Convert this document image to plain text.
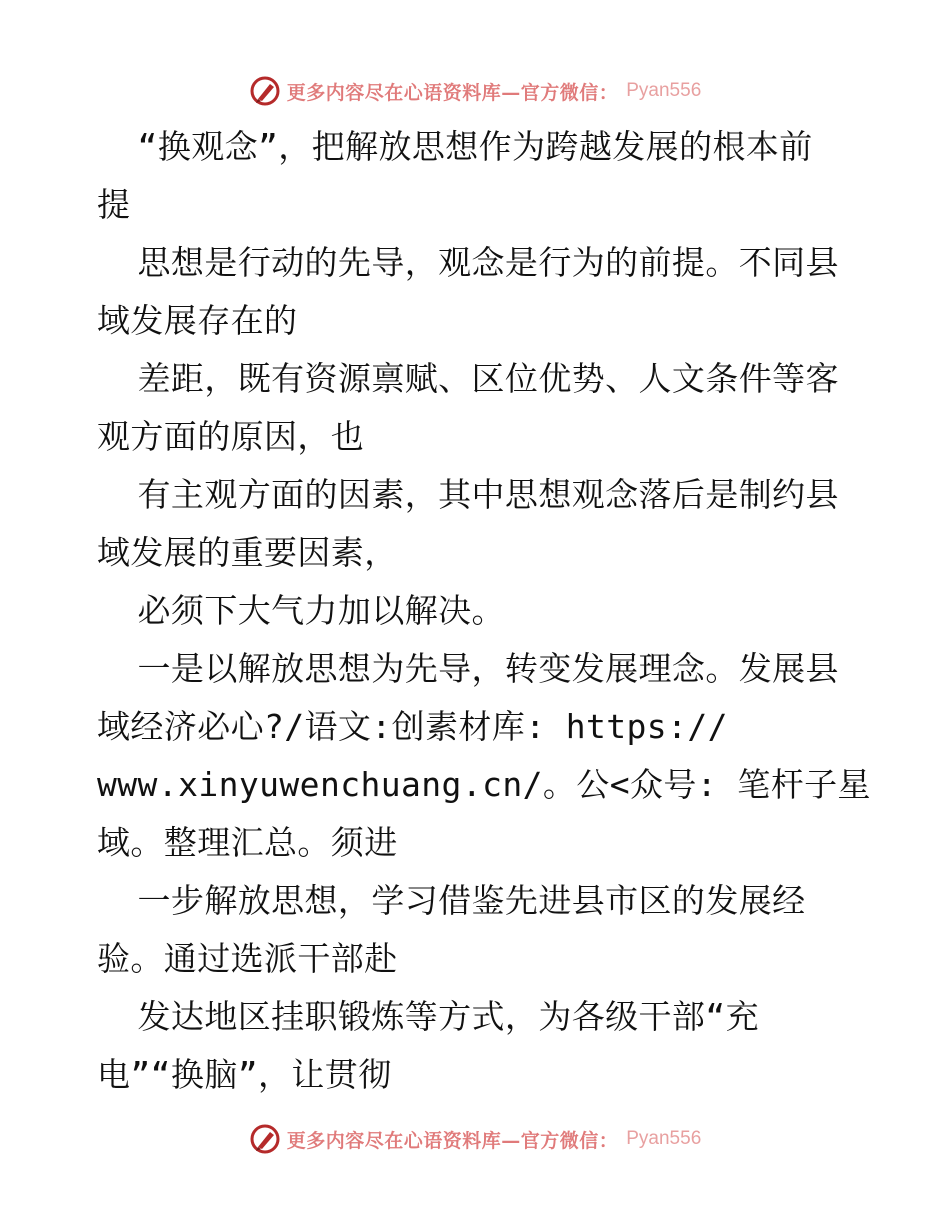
更多内容尽在心语资料库—官方微信： Pyan556
“换观念”，把解放思想作为跨越发展的根本前
提
思想是行动的先导，观念是行为的前提。不同县
域发展存在的
差距，既有资源禀赋、区位优势、人文条件等客
观方面的原因，也
有主观方面的因素，其中思想观念落后是制约县
域发展的重要因素，
必须下大气力加以解决。
一是以解放思想为先导，转变发展理念。发展县
域经济必心?/语文:创素材库: https://
www.xinyuwenchuang.cn/。公<众号: 笔杆子星
域。整理汇总。须进
一步解放思想，学习借鉴先进县市区的发展经
验。通过选派干部赴
发达地区挂职锻炼等方式，为各级干部“充
电”“换脑”，让贯彻
更多内容尽在心语资料库—官方微信： Pyan556
